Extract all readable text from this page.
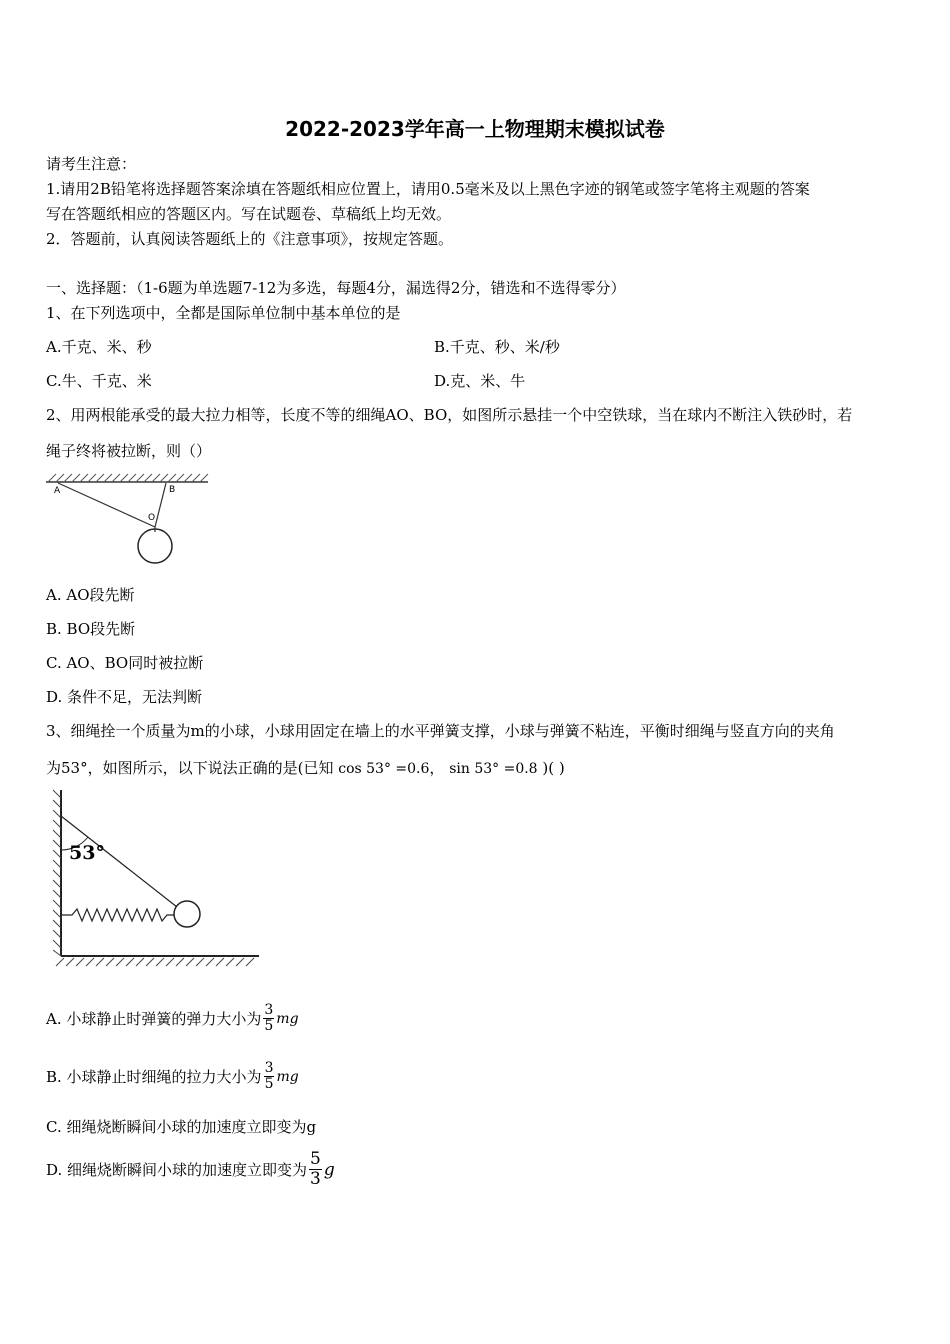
2022-2023学年高一上物理期末模拟试卷
请考生注意：
1.请用2B铅笔将选择题答案涂填在答题纸相应位置上，请用0.5毫米及以上黑色字迹的钢笔或签字笔将主观题的答案
写在答题纸相应的答题区内。写在试题卷、草稿纸上均无效。
2．答题前，认真阅读答题纸上的《注意事项》，按规定答题。
一、选择题：（1-6题为单选题7-12为多选，每题4分，漏选得2分，错选和不选得零分）
1、在下列选项中，全都是国际单位制中基本单位的是
A.千克、米、秒	B.千克、秒、米/秒
C.牛、千克、米	D.克、米、牛
2、用两根能承受的最大拉力相等，长度不等的细绳AO、BO，如图所示悬挂一个中空铁球，当在球内不断注入铁砂时，若
绳子终将被拉断，则（）
A	B
O
A. AO段先断
B. BO段先断
C. AO、BO同时被拉断
D. 条件不足，无法判断
3、细绳拴一个质量为m的小球，小球用固定在墙上的水平弹簧支撑，小球与弹簧不粘连，平衡时细绳与竖直方向的夹角
为53°，如图所示，以下说法正确的是(已知 cos 53° =0.6， sin 53° =0.8 )( )
53°
A. 小球静止时弹簧的弹力大小为 $\frac{3}{5}$ mg
B. 小球静止时细绳的拉力大小为 $\frac{3}{5}$ mg
C. 细绳烧断瞬间小球的加速度立即变为g
D. 细绳烧断瞬间小球的加速度立即变为 $\frac{5}{3}$ g
